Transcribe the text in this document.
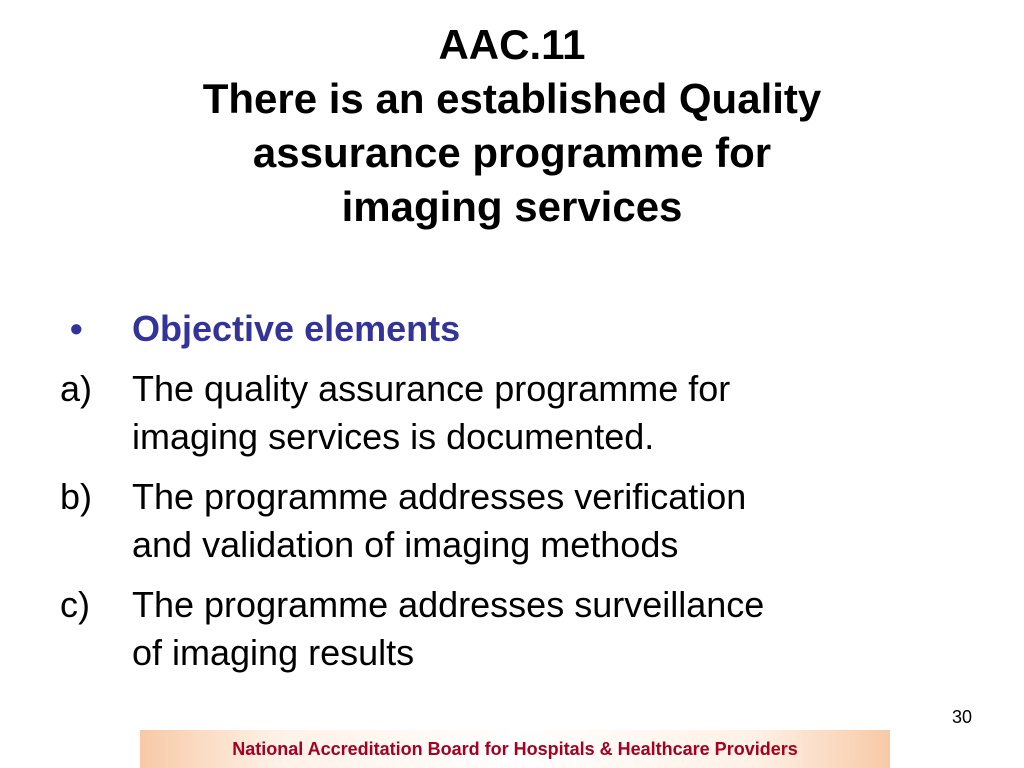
AAC.11
There is an established Quality
assurance programme for
imaging services
• Objective elements
a) The quality assurance programme for
imaging services is documented.
b) The programme addresses verification
and validation of imaging methods
c) The programme addresses surveillance
of imaging results
30
National Accreditation Board for Hospitals & Healthcare Providers
